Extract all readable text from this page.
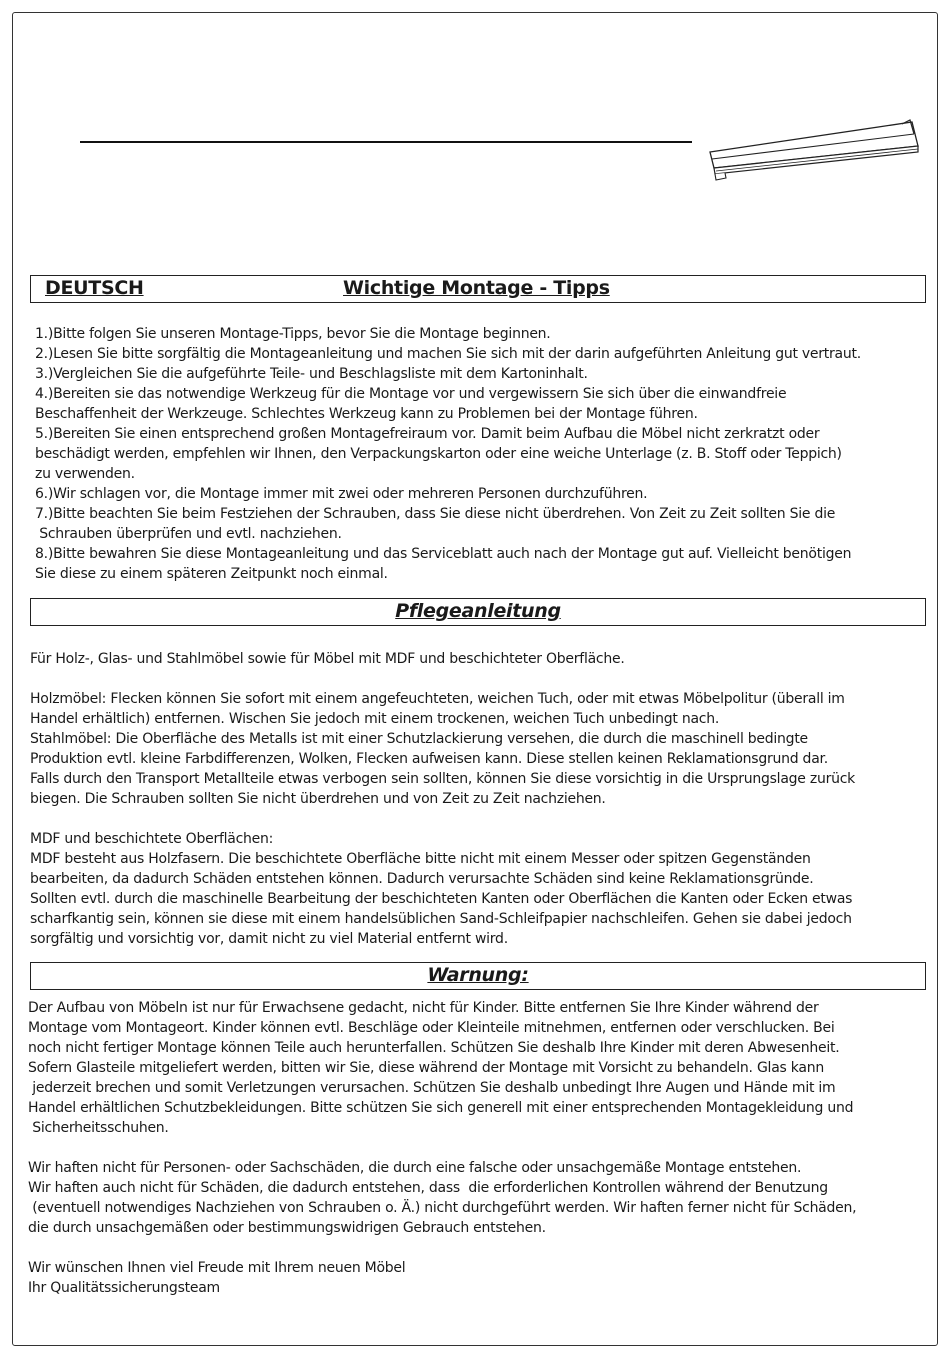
DEUTSCH	Wichtige Montage - Tipps
1.)Bitte folgen Sie unseren Montage-Tipps, bevor Sie die Montage beginnen.
2.)Lesen Sie bitte sorgfältig die Montageanleitung und machen Sie sich mit der darin aufgeführten Anleitung gut vertraut.
3.)Vergleichen Sie die aufgeführte Teile- und Beschlagsliste mit dem Kartoninhalt.
4.)Bereiten sie das notwendige Werkzeug für die Montage vor und vergewissern Sie sich über die einwandfreie
Beschaffenheit der Werkzeuge. Schlechtes Werkzeug kann zu Problemen bei der Montage führen.
5.)Bereiten Sie einen entsprechend großen Montagefreiraum vor. Damit beim Aufbau die Möbel nicht zerkratzt oder
beschädigt werden, empfehlen wir Ihnen, den Verpackungskarton oder eine weiche Unterlage (z. B. Stoff oder Teppich)
zu verwenden.
6.)Wir schlagen vor, die Montage immer mit zwei oder mehreren Personen durchzuführen.
7.)Bitte beachten Sie beim Festziehen der Schrauben, dass Sie diese nicht überdrehen. Von Zeit zu Zeit sollten Sie die
Schrauben überprüfen und evtl. nachziehen.
8.)Bitte bewahren Sie diese Montageanleitung und das Serviceblatt auch nach der Montage gut auf. Vielleicht benötigen
Sie diese zu einem späteren Zeitpunkt noch einmal.
Pflegeanleitung
Für Holz-, Glas- und Stahlmöbel sowie für Möbel mit MDF und beschichteter Oberfläche.
Holzmöbel: Flecken können Sie sofort mit einem angefeuchteten, weichen Tuch, oder mit etwas Möbelpolitur (überall im
Handel erhältlich) entfernen. Wischen Sie jedoch mit einem trockenen, weichen Tuch unbedingt nach.
Stahlmöbel: Die Oberfläche des Metalls ist mit einer Schutzlackierung versehen, die durch die maschinell bedingte
Produktion evtl. kleine Farbdifferenzen, Wolken, Flecken aufweisen kann. Diese stellen keinen Reklamationsgrund dar.
Falls durch den Transport Metallteile etwas verbogen sein sollten, können Sie diese vorsichtig in die Ursprungslage zurück
biegen. Die Schrauben sollten Sie nicht überdrehen und von Zeit zu Zeit nachziehen.
MDF und beschichtete Oberflächen:
MDF besteht aus Holzfasern. Die beschichtete Oberfläche bitte nicht mit einem Messer oder spitzen Gegenständen
bearbeiten, da dadurch Schäden entstehen können. Dadurch verursachte Schäden sind keine Reklamationsgründe.
Sollten evtl. durch die maschinelle Bearbeitung der beschichteten Kanten oder Oberflächen die Kanten oder Ecken etwas
scharfkantig sein, können sie diese mit einem handelsüblichen Sand-Schleifpapier nachschleifen. Gehen sie dabei jedoch
sorgfältig und vorsichtig vor, damit nicht zu viel Material entfernt wird.
Warnung:
Der Aufbau von Möbeln ist nur für Erwachsene gedacht, nicht für Kinder. Bitte entfernen Sie Ihre Kinder während der
Montage vom Montageort. Kinder können evtl. Beschläge oder Kleinteile mitnehmen, entfernen oder verschlucken. Bei
noch nicht fertiger Montage können Teile auch herunterfallen. Schützen Sie deshalb Ihre Kinder mit deren Abwesenheit.
Sofern Glasteile mitgeliefert werden, bitten wir Sie, diese während der Montage mit Vorsicht zu behandeln. Glas kann
jederzeit brechen und somit Verletzungen verursachen. Schützen Sie deshalb unbedingt Ihre Augen und Hände mit im
Handel erhältlichen Schutzbekleidungen. Bitte schützen Sie sich generell mit einer entsprechenden Montagekleidung und
Sicherheitsschuhen.
Wir haften nicht für Personen- oder Sachschäden, die durch eine falsche oder unsachgemäße Montage entstehen.
Wir haften auch nicht für Schäden, die dadurch entstehen, dass  die erforderlichen Kontrollen während der Benutzung
(eventuell notwendiges Nachziehen von Schrauben o. Ä.) nicht durchgeführt werden. Wir haften ferner nicht für Schäden,
die durch unsachgemäßen oder bestimmungswidrigen Gebrauch entstehen.
Wir wünschen Ihnen viel Freude mit Ihrem neuen Möbel
Ihr Qualitätssicherungsteam
